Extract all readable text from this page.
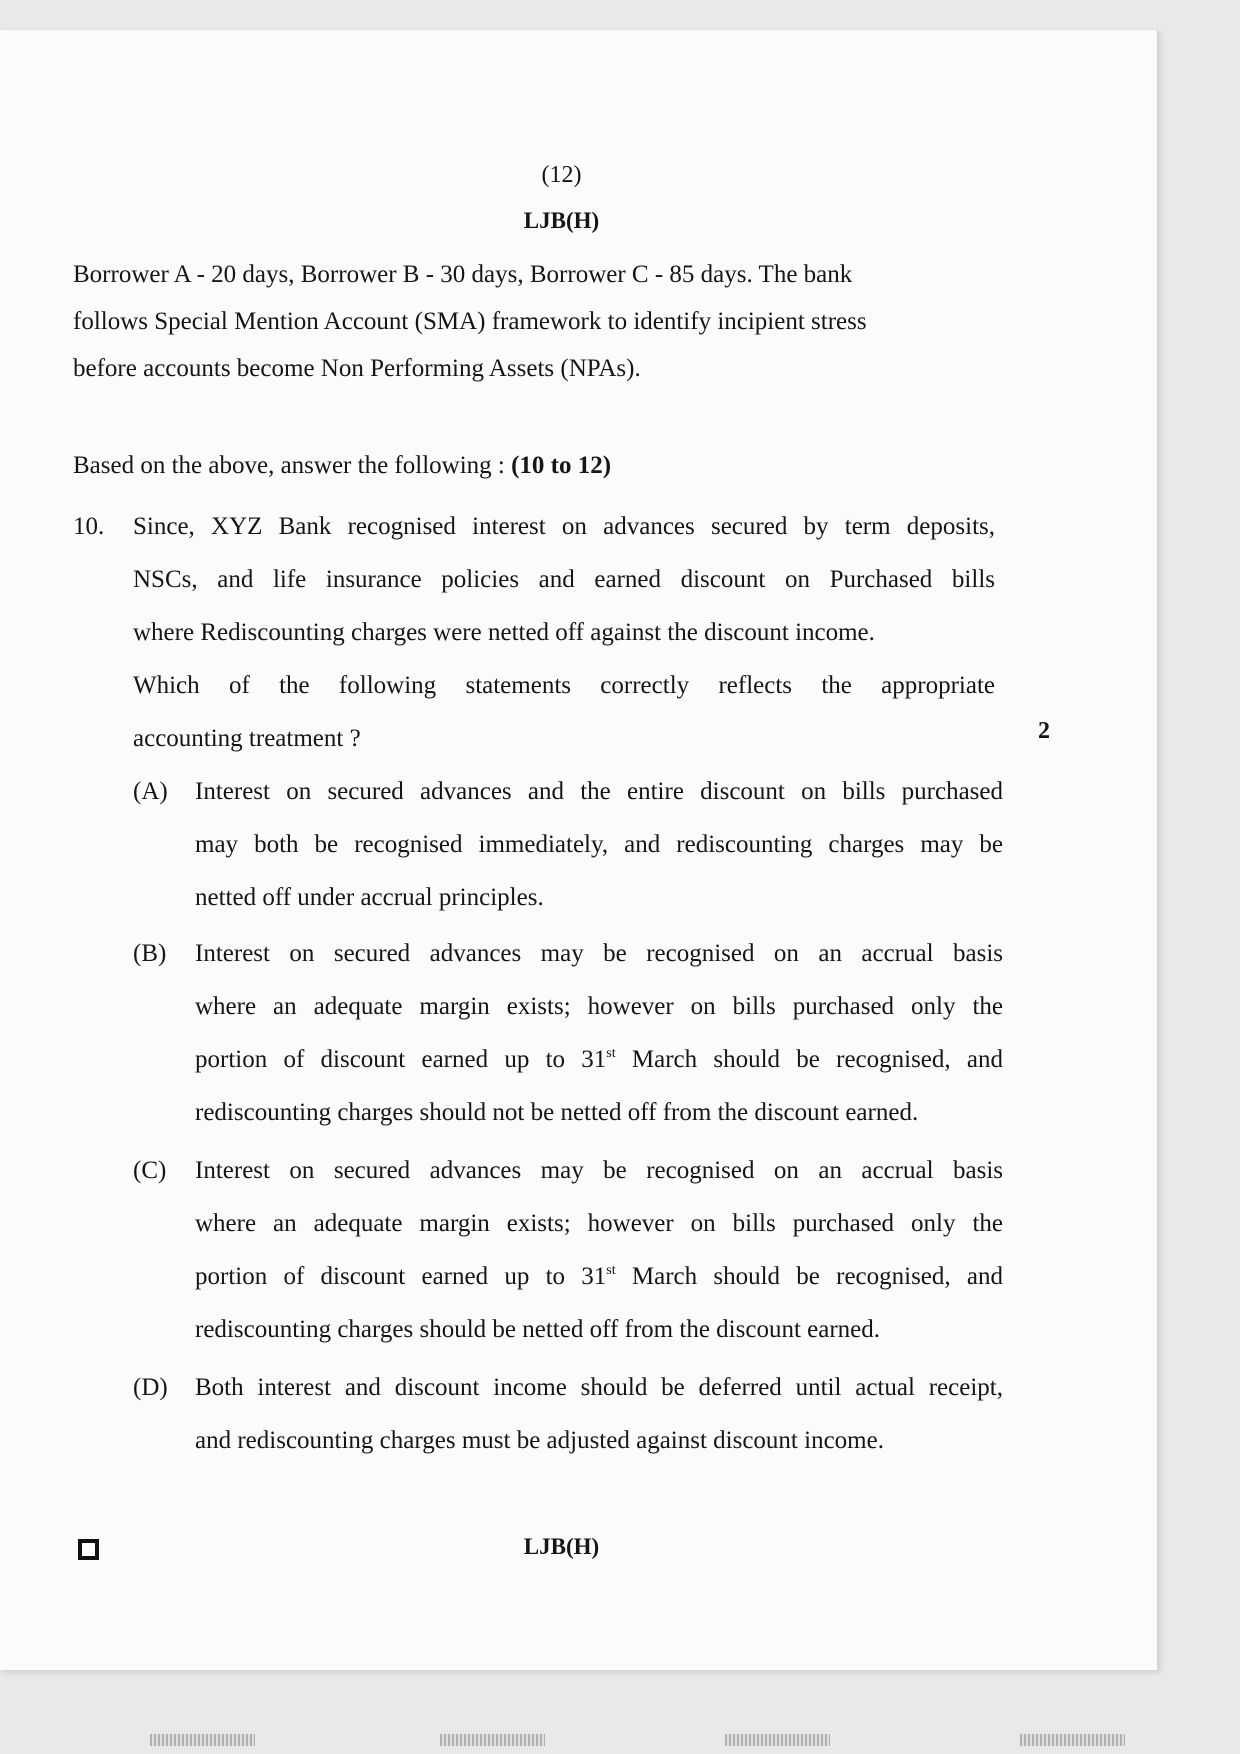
(12)
LJB(H)

Borrower A - 20 days, Borrower B - 30 days, Borrower C - 85 days. The bank

follows Special Mention Account (SMA) framework to identify incipient stress

before accounts become Non Performing Assets (NPAs).

Based on the above, answer the following : (10 to 12)
10. Since, XYZ Bank recognised interest on advances secured by term deposits,

NSCs, and life insurance policies and earned discount on Purchased bills

where Rediscounting charges were netted off against the discount income.

Which of the following statements correctly reflects the appropriate

accounting treatment ?	2
(A) Interest on secured advances and the entire discount on bills purchased

may both be recognised immediately, and rediscounting charges may be

netted off under accrual principles.

(B) Interest on secured advances may be recognised on an accrual basis

where an adequate margin exists; however on bills purchased only the

portion of discount earned up to 31st March should be recognised, and

rediscounting charges should not be netted off from the discount earned.

(C) Interest on secured advances may be recognised on an accrual basis

where an adequate margin exists; however on bills purchased only the

portion of discount earned up to 31st March should be recognised, and

rediscounting charges should be netted off from the discount earned.

(D) Both interest and discount income should be deferred until actual receipt,

and rediscounting charges must be adjusted against discount income.

LJB(H)
